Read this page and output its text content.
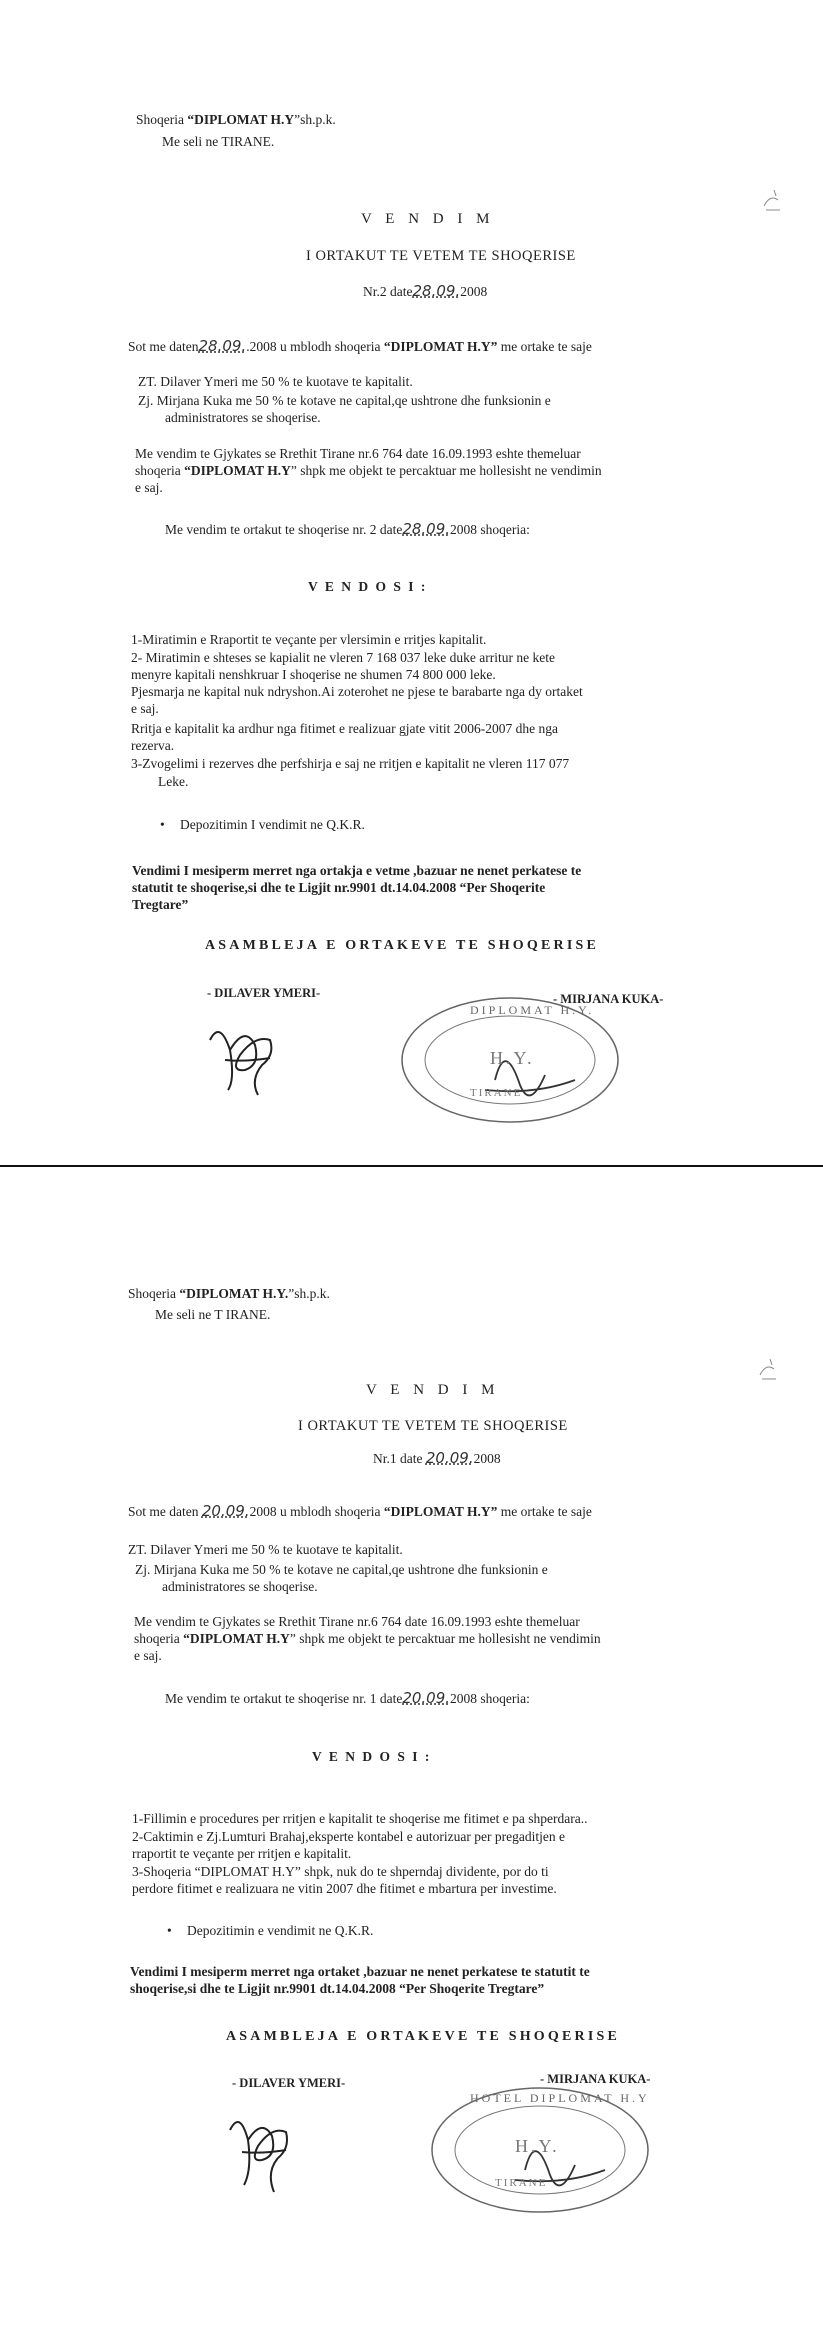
Shoqeria “DIPLOMAT H.Y”sh.p.k.
Me seli ne TIRANE.
V E N D I M
I ORTAKUT TE VETEM TE SHOQERISE
Nr.2 date28.09.2008
Sot me daten28.09..2008 u mblodh shoqeria “DIPLOMAT H.Y” me ortake te saje
ZT. Dilaver Ymeri me 50 % te kuotave te kapitalit.
Zj. Mirjana Kuka me 50 % te kotave ne capital,qe ushtrone dhe funksionin e
administratores se shoqerise.
Me vendim te Gjykates se Rrethit Tirane nr.6 764 date 16.09.1993 eshte themeluar
shoqeria “DIPLOMAT H.Y” shpk me objekt te percaktuar me hollesisht ne vendimin
e saj.
Me vendim te ortakut te shoqerise nr. 2 date28.09.2008 shoqeria:
V E N D O S I :
1-Miratimin e Rraportit te veçante per vlersimin e rritjes kapitalit.
2- Miratimin e shteses se kapialit ne vleren 7 168 037 leke duke arritur ne kete
menyre kapitali nenshkruar I shoqerise ne shumen 74 800 000 leke.
Pjesmarja ne kapital nuk ndryshon.Ai zoterohet ne pjese te barabarte nga dy ortaket
e saj.
Rritja e kapitalit ka ardhur nga fitimet e realizuar gjate vitit 2006-2007 dhe nga
rezerva.
3-Zvogelimi i rezerves dhe perfshirja e saj ne rritjen e kapitalit ne vleren 117 077
Leke.
• Depozitimin I vendimit ne Q.K.R.
Vendimi I mesiperm merret nga ortakja e vetme ,bazuar ne nenet perkatese te
statutit te shoqerise,si dhe te Ligjit nr.9901 dt.14.04.2008 “Per Shoqerite
Tregtare”
ASAMBLEJA E ORTAKEVE TE SHOQERISE
- DILAVER YMERI-	- MIRJANA KUKA-
DIPLOMAT H.Y.
H.Y.
TIRANE
Shoqeria “DIPLOMAT H.Y.”sh.p.k.
Me seli ne T IRANE.
V E N D I M
I ORTAKUT TE VETEM TE SHOQERISE
Nr.1 date 20.09.2008
Sot me daten 20.09.2008 u mblodh shoqeria “DIPLOMAT H.Y” me ortake te saje
ZT. Dilaver Ymeri me 50 % te kuotave te kapitalit.
Zj. Mirjana Kuka me 50 % te kotave ne capital,qe ushtrone dhe funksionin e
administratores se shoqerise.
Me vendim te Gjykates se Rrethit Tirane nr.6 764 date 16.09.1993 eshte themeluar
shoqeria “DIPLOMAT H.Y” shpk me objekt te percaktuar me hollesisht ne vendimin
e saj.
Me vendim te ortakut te shoqerise nr. 1 date20.09.2008 shoqeria:
V E N D O S I :
1-Fillimin e procedures per rritjen e kapitalit te shoqerise me fitimet e pa shperdara..
2-Caktimin e Zj.Lumturi Brahaj,eksperte kontabel e autorizuar per pregaditjen e
rraportit te veçante per rritjen e kapitalit.
3-Shoqeria “DIPLOMAT H.Y” shpk, nuk do te shperndaj dividente, por do ti
perdore fitimet e realizuara ne vitin 2007 dhe fitimet e mbartura per investime.
• Depozitimin e vendimit ne Q.K.R.
Vendimi I mesiperm merret nga ortaket ,bazuar ne nenet perkatese te statutit te
shoqerise,si dhe te Ligjit nr.9901 dt.14.04.2008 “Per Shoqerite Tregtare”
ASAMBLEJA E ORTAKEVE TE SHOQERISE
- DILAVER YMERI-	- MIRJANA KUKA-
HOTEL DIPLOMAT H.Y
H.Y.
TIRANE
